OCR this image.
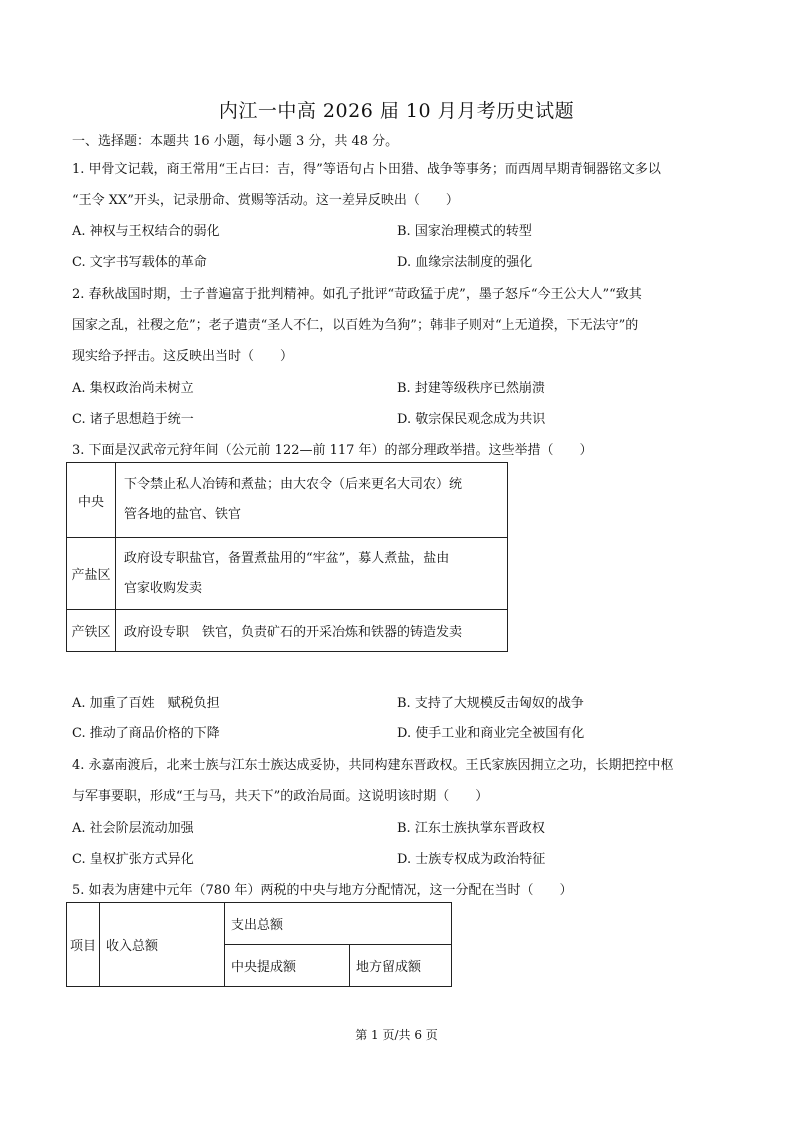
内江一中高 2026 届 10 月月考历史试题
一、选择题：本题共 16 小题，每小题 3 分，共 48 分。
1. 甲骨文记载，商王常用“王占曰：吉，得”等语句占卜田猎、战争等事务；而西周早期青铜器铭文多以
“王令 XX”开头，记录册命、赏赐等活动。这一差异反映出（　　）
A. 神权与王权结合的弱化	B. 国家治理模式的转型
C. 文字书写载体的革命	D. 血缘宗法制度的强化
2. 春秋战国时期，士子普遍富于批判精神。如孔子批评“苛政猛于虎”，墨子怒斥“今王公大人”“致其
国家之乱，社稷之危”；老子遣责“圣人不仁，以百姓为刍狗”；韩非子则对“上无道揆，下无法守”的
现实给予抨击。这反映出当时（　　）
A. 集权政治尚未树立	B. 封建等级秩序已然崩溃
C. 诸子思想趋于统一	D. 敬宗保民观念成为共识
3. 下面是汉武帝元狩年间（公元前 122—前 117 年）的部分理政举措。这些举措（　　）
中央	下令禁止私人冶铸和煮盐；由大农令（后来更名大司农）统
管各地的盐官、铁官

产盐区	政府设专职盐官，备置煮盐用的“牢盆”，募人煮盐，盐由
官家收购发卖

产铁区	政府设专职　铁官，负责矿石的开采冶炼和铁器的铸造发卖
A. 加重了百姓　赋税负担	B. 支持了大规模反击匈奴的战争
C. 推动了商品价格的下降	D. 使手工业和商业完全被国有化
4. 永嘉南渡后，北来士族与江东士族达成妥协，共同构建东晋政权。王氏家族因拥立之功，长期把控中枢
与军事要职，形成“王与马，共天下”的政治局面。这说明该时期（　　）
A. 社会阶层流动加强	B. 江东士族执掌东晋政权
C. 皇权扩张方式异化	D. 士族专权成为政治特征
5. 如表为唐建中元年（780 年）两税的中央与地方分配情况，这一分配在当时（　　）
项目	收入总额	支出总额	
		中央提成额	地方留成额
第 1 页/共 6 页
